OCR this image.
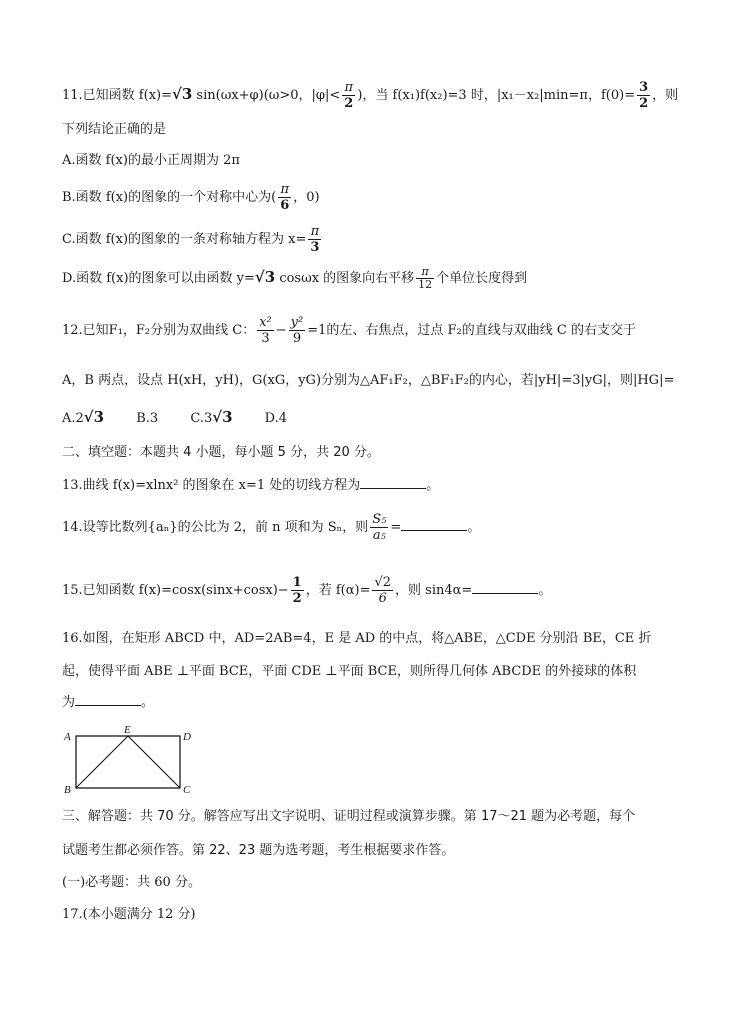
11.已知函数 f(x)=√3 sin(ωx+φ)(ω>0，$|\varphi|< \frac{\pi}{2}$ )，当 f(x₁)f(x₂)=3 时，|x₁－x₂|min=π，$f(0)= \frac{3}{2}$ ，则
下列结论正确的是
A.函数 f(x)的最小正周期为 2π
B.函数 f(x)的图象的一个对称中心为( $\frac{\pi}{6}$ ，0)
C.函数 f(x)的图象的一条对称轴方程为 $x= \frac{\pi}{3}$
D.函数 f(x)的图象可以由函数 y=√3 cosωx 的图象向右平移 $\frac{\pi}{12}$ 个单位长度得到
12.已知F₁，F₂分别为双曲线 C： $\frac{\text{x²}}{3} - \frac{\text{y²}}{9} =1$的左、右焦点，过点 F₂的直线与双曲线 C 的右支交于
A，B 两点，设点 H(xH，yH)，G(xG，yG)分别为△AF₁F₂，△BF₁F₂的内心，若|yH|=3|yG|，则|HG|=
A.2√3 B.3 C.3√3 D.4
二、填空题：本题共 4 小题，每小题 5 分，共 20 分。
13.曲线 f(x)=xlnx² 的图象在 x=1 处的切线方程为	。
14.设等比数列{aₙ}的公比为 2，前 n 项和为 Sₙ，则 $\frac{\text{S₅}}{\text{a₅}}$ =	。
15.已知函数 $f(x)=\cos x(\sin x+\cos x)- \frac{1}{2}$ ，若 $f(\alpha)= \frac{√2}{6}$ ，则 sin4α=	。
16.如图，在矩形 ABCD 中，AD=2AB=4，E 是 AD 的中点，将△ABE，△CDE 分别沿 BE，CE 折
起，使得平面 ABE ⊥平面 BCE，平面 CDE ⊥平面 BCE，则所得几何体 ABCDE 的外接球的体积
为	。
A
E
D
B	C
三、解答题：共 70 分。解答应写出文字说明、证明过程或演算步骤。第 17～21 题为必考题，每个
试题考生都必须作答。第 22、23 题为选考题，考生根据要求作答。
(一)必考题：共 60 分。
17.(本小题满分 12 分)
